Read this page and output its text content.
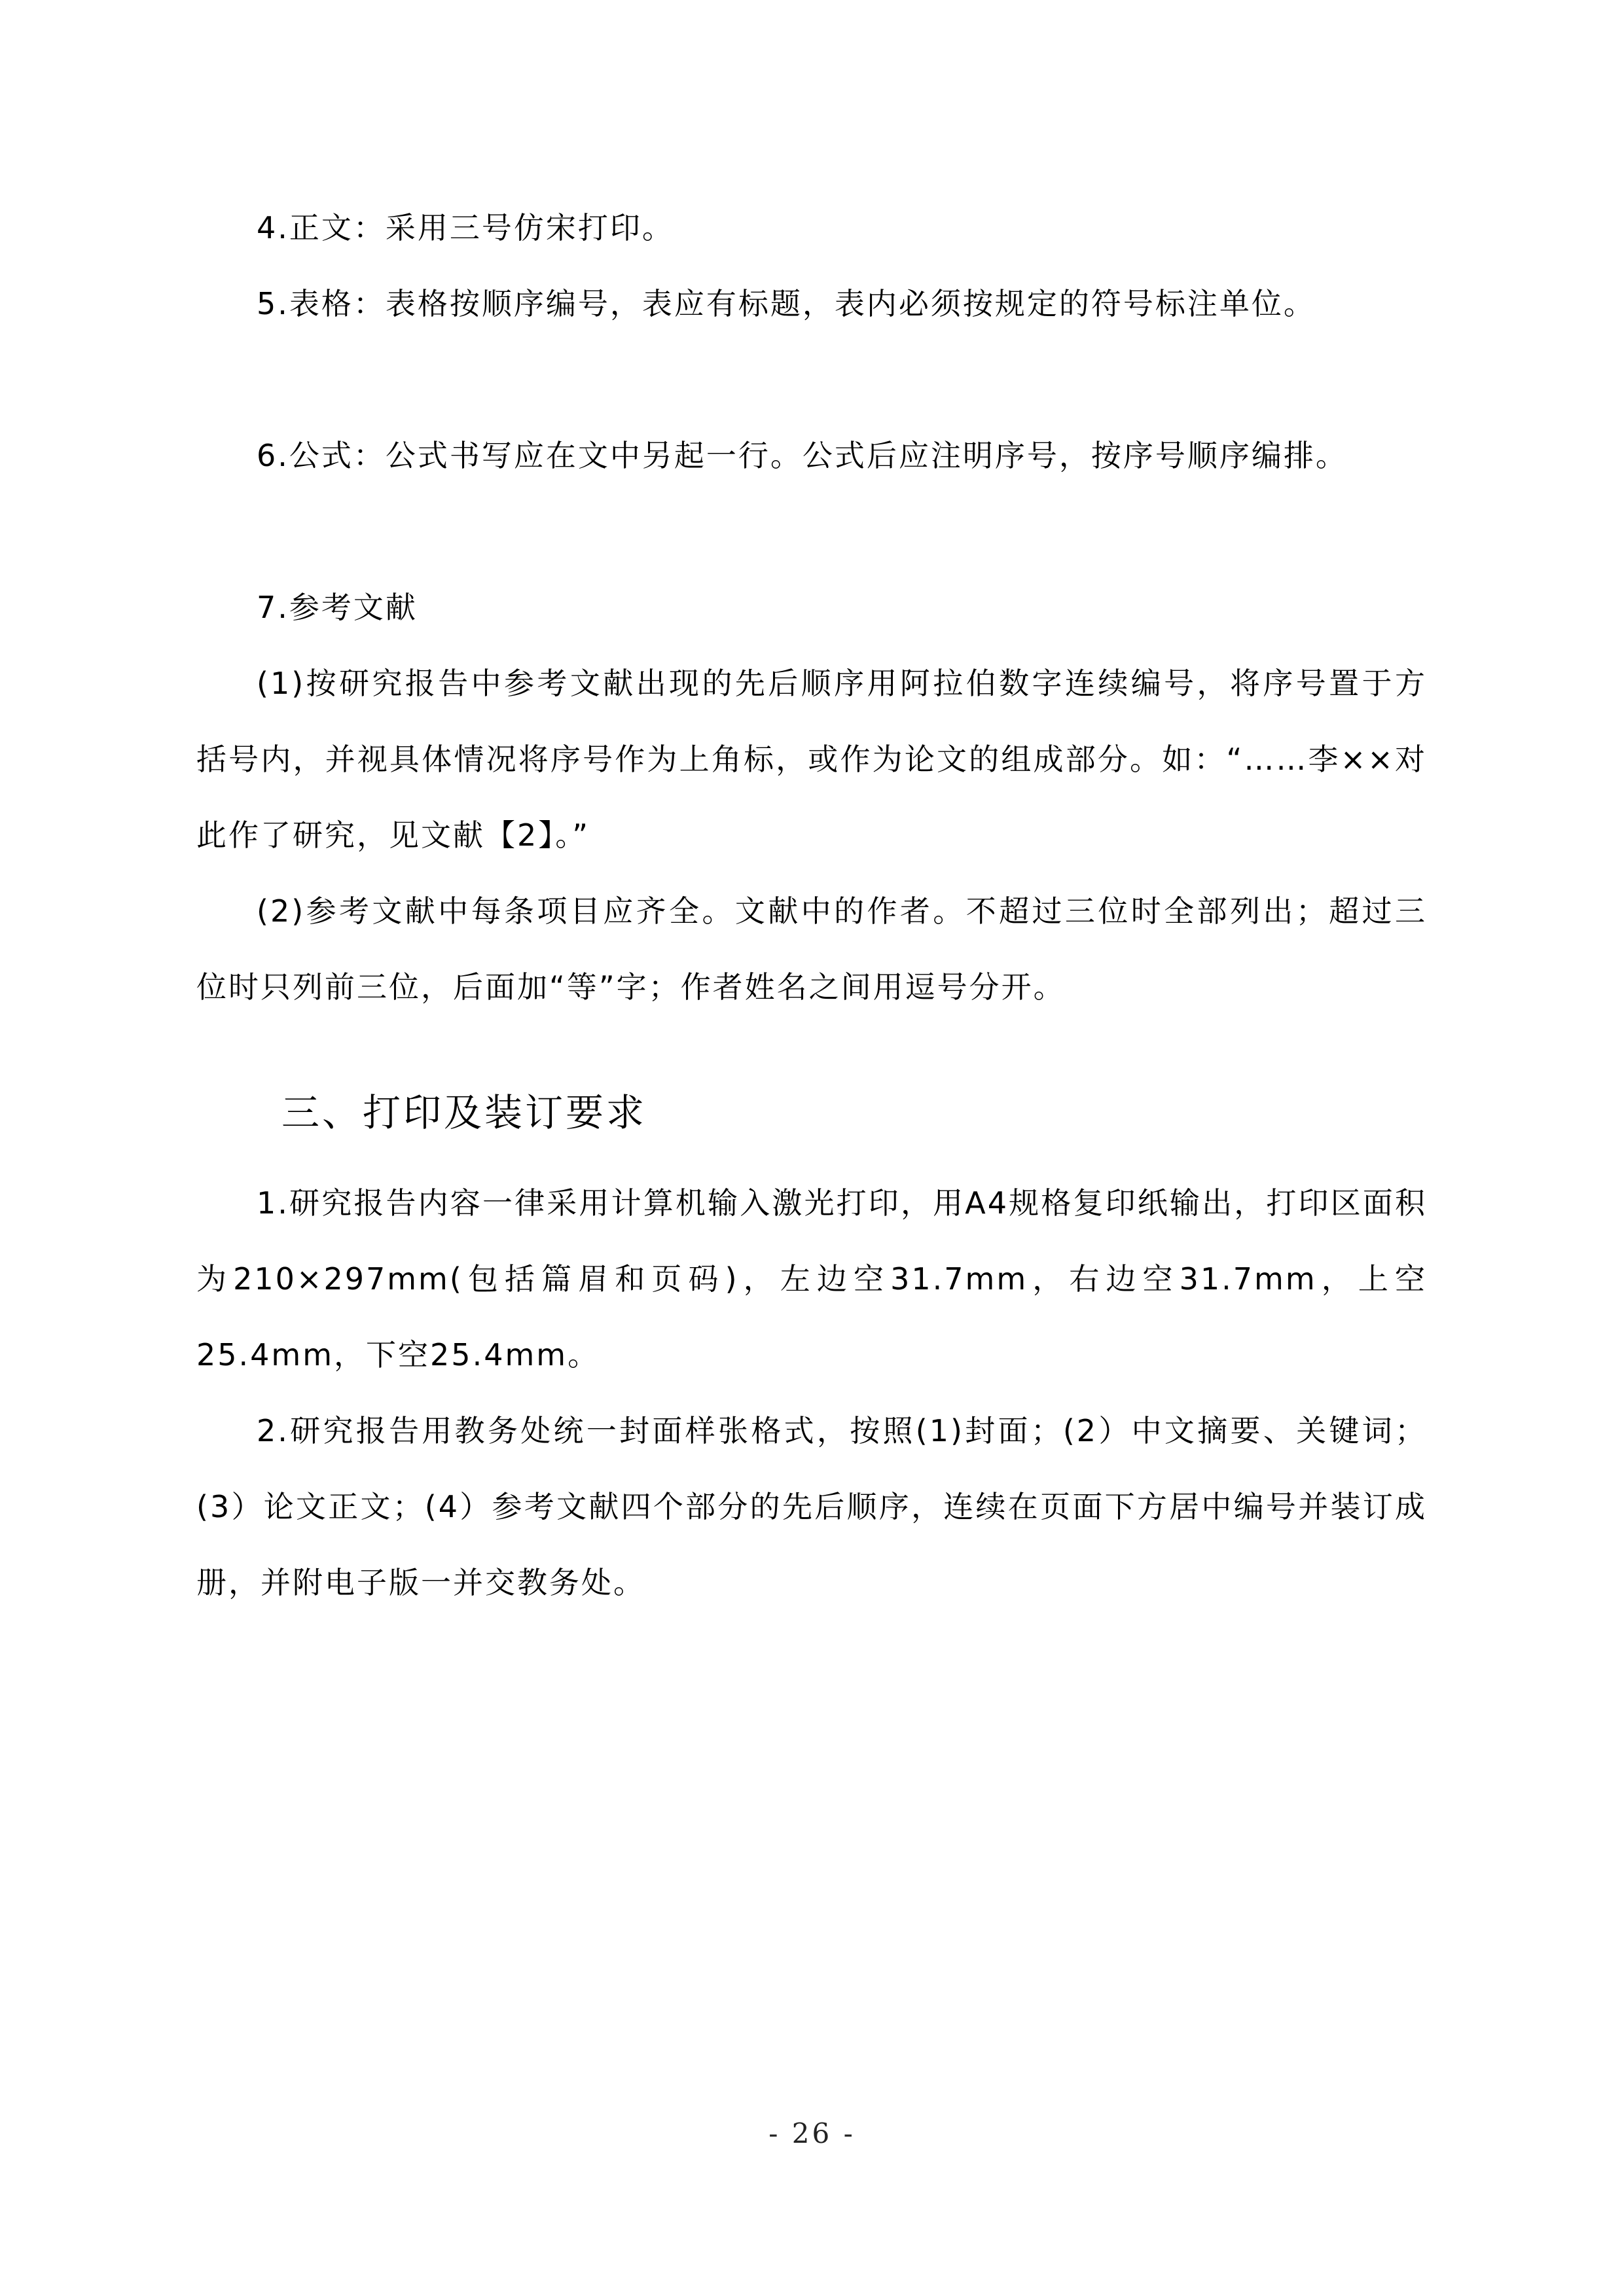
4.正文：采用三号仿宋打印。

5.表格：表格按顺序编号，表应有标题，表内必须按规定的符号标注单位。

6.公式：公式书写应在文中另起一行。公式后应注明序号，按序号顺序编排。

7.参考文献

(1)按研究报告中参考文献出现的先后顺序用阿拉伯数字连续编号，将序号置于方括号内，并视具体情况将序号作为上角标，或作为论文的组成部分。如：“……李××对此作了研究，见文献【2】。”

(2)参考文献中每条项目应齐全。文献中的作者。不超过三位时全部列出；超过三位时只列前三位，后面加“等”字；作者姓名之间用逗号分开。

三、打印及装订要求

1.研究报告内容一律采用计算机输入激光打印，用A4规格复印纸输出，打印区面积为210×297mm(包括篇眉和页码)，左边空31.7mm，右边空31.7mm，上空25.4mm，下空25.4mm。

2.研究报告用教务处统一封面样张格式，按照(1)封面；(2）中文摘要、关键词；(3）论文正文；(4）参考文献四个部分的先后顺序，连续在页面下方居中编号并装订成册，并附电子版一并交教务处。

- 26 -
